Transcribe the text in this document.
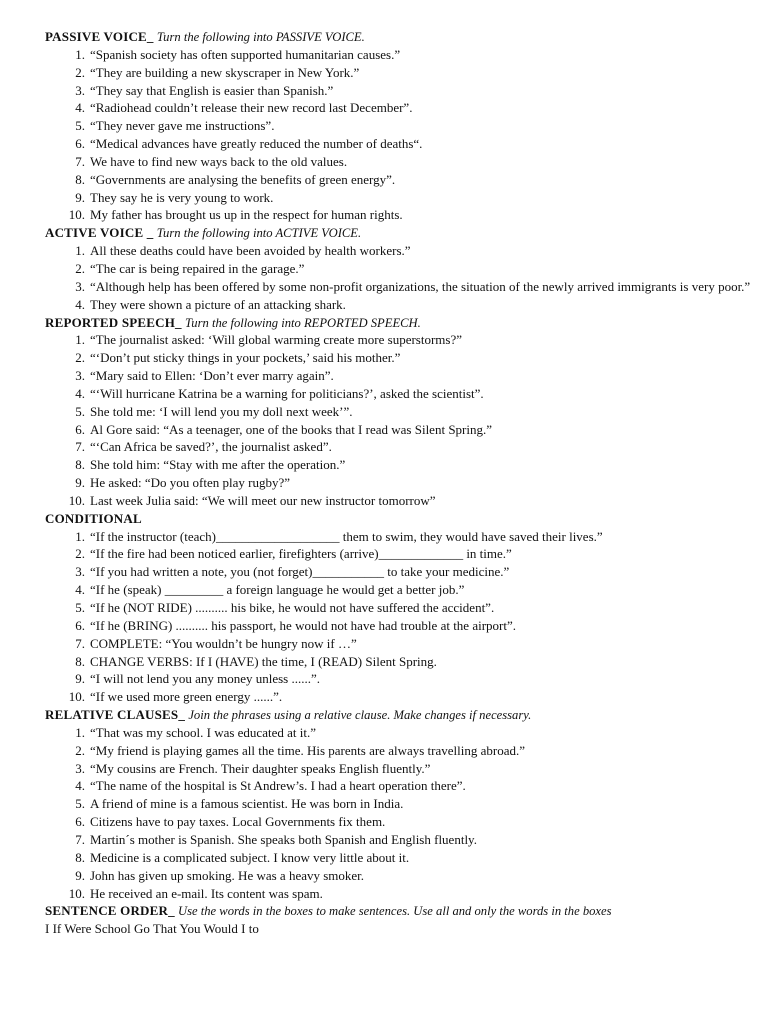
PASSIVE VOICE_ Turn the following into PASSIVE VOICE.
1. “Spanish society has often supported humanitarian causes.”
2. “They are building a new skyscraper in New York.”
3. “They say that English is easier than Spanish.”
4. “Radiohead couldn’t release their new record last December”.
5. “They never gave me instructions”.
6. “Medical advances have greatly reduced the number of deaths“.
7. We have to find new ways back to the old values.
8. “Governments are analysing the benefits of green energy”.
9. They say he is very young to work.
10. My father has brought us up in the respect for human rights.
ACTIVE VOICE _ Turn the following into ACTIVE VOICE.
1. All these deaths could have been avoided by health workers.”
2. “The car is being repaired in the garage.”
3. “Although help has been offered by some non-profit organizations, the situation of the newly arrived immigrants is very poor.”
4. They were shown a picture of an attacking shark.
REPORTED SPEECH_ Turn the following into REPORTED SPEECH.
1. “The journalist asked: ‘Will global warming create more superstorms?”
2. “‘Don’t put sticky things in your pockets,’ said his mother.”
3. “Mary said to Ellen: ‘Don’t ever marry again”.
4. “‘Will hurricane Katrina be a warning for politicians?’, asked the scientist”.
5. She told me: ‘I will lend you my doll next week’”.
6. Al Gore said: “As a teenager, one of the books that I read was Silent Spring.”
7. “‘Can Africa be saved?’, the journalist asked”.
8. She told him: “Stay with me after the operation.”
9. He asked: “Do you often play rugby?”
10. Last week Julia said: “We will meet our new instructor tomorrow”
CONDITIONAL
1. “If the instructor (teach)___________________ them to swim, they would have saved their lives.”
2. “If the fire had been noticed earlier, firefighters (arrive)_____________ in time.”
3. “If you had written a note, you (not forget)___________ to take your medicine.”
4. “If he (speak) _________ a foreign language he would get a better job.”
5. “If he (NOT RIDE) .......... his bike, he would not have suffered the accident”.
6. “If he (BRING) .......... his passport, he would not have had trouble at the airport”.
7. COMPLETE: “You wouldn’t be hungry now if …”
8. CHANGE VERBS: If I (HAVE) the time, I (READ) Silent Spring.
9. “I will not lend you any money unless ......”.
10. “If we used more green energy ......”.
RELATIVE CLAUSES_ Join the phrases using a relative clause. Make changes if necessary.
1. “That was my school. I was educated at it.”
2. “My friend is playing games all the time. His parents are always travelling abroad.”
3. “My cousins are French. Their daughter speaks English fluently.”
4. “The name of the hospital is St Andrew’s. I had a heart operation there”.
5. A friend of mine is a famous scientist. He was born in India.
6. Citizens have to pay taxes. Local Governments fix them.
7. Martin´s mother is Spanish. She speaks both Spanish and English fluently.
8. Medicine is a complicated subject. I know very little about it.
9. John has given up smoking. He was a heavy smoker.
10. He received an e-mail. Its content was spam.
SENTENCE ORDER_ Use the words in the boxes to make sentences. Use all and only the words in the boxes
I If Were School Go That You Would I to
